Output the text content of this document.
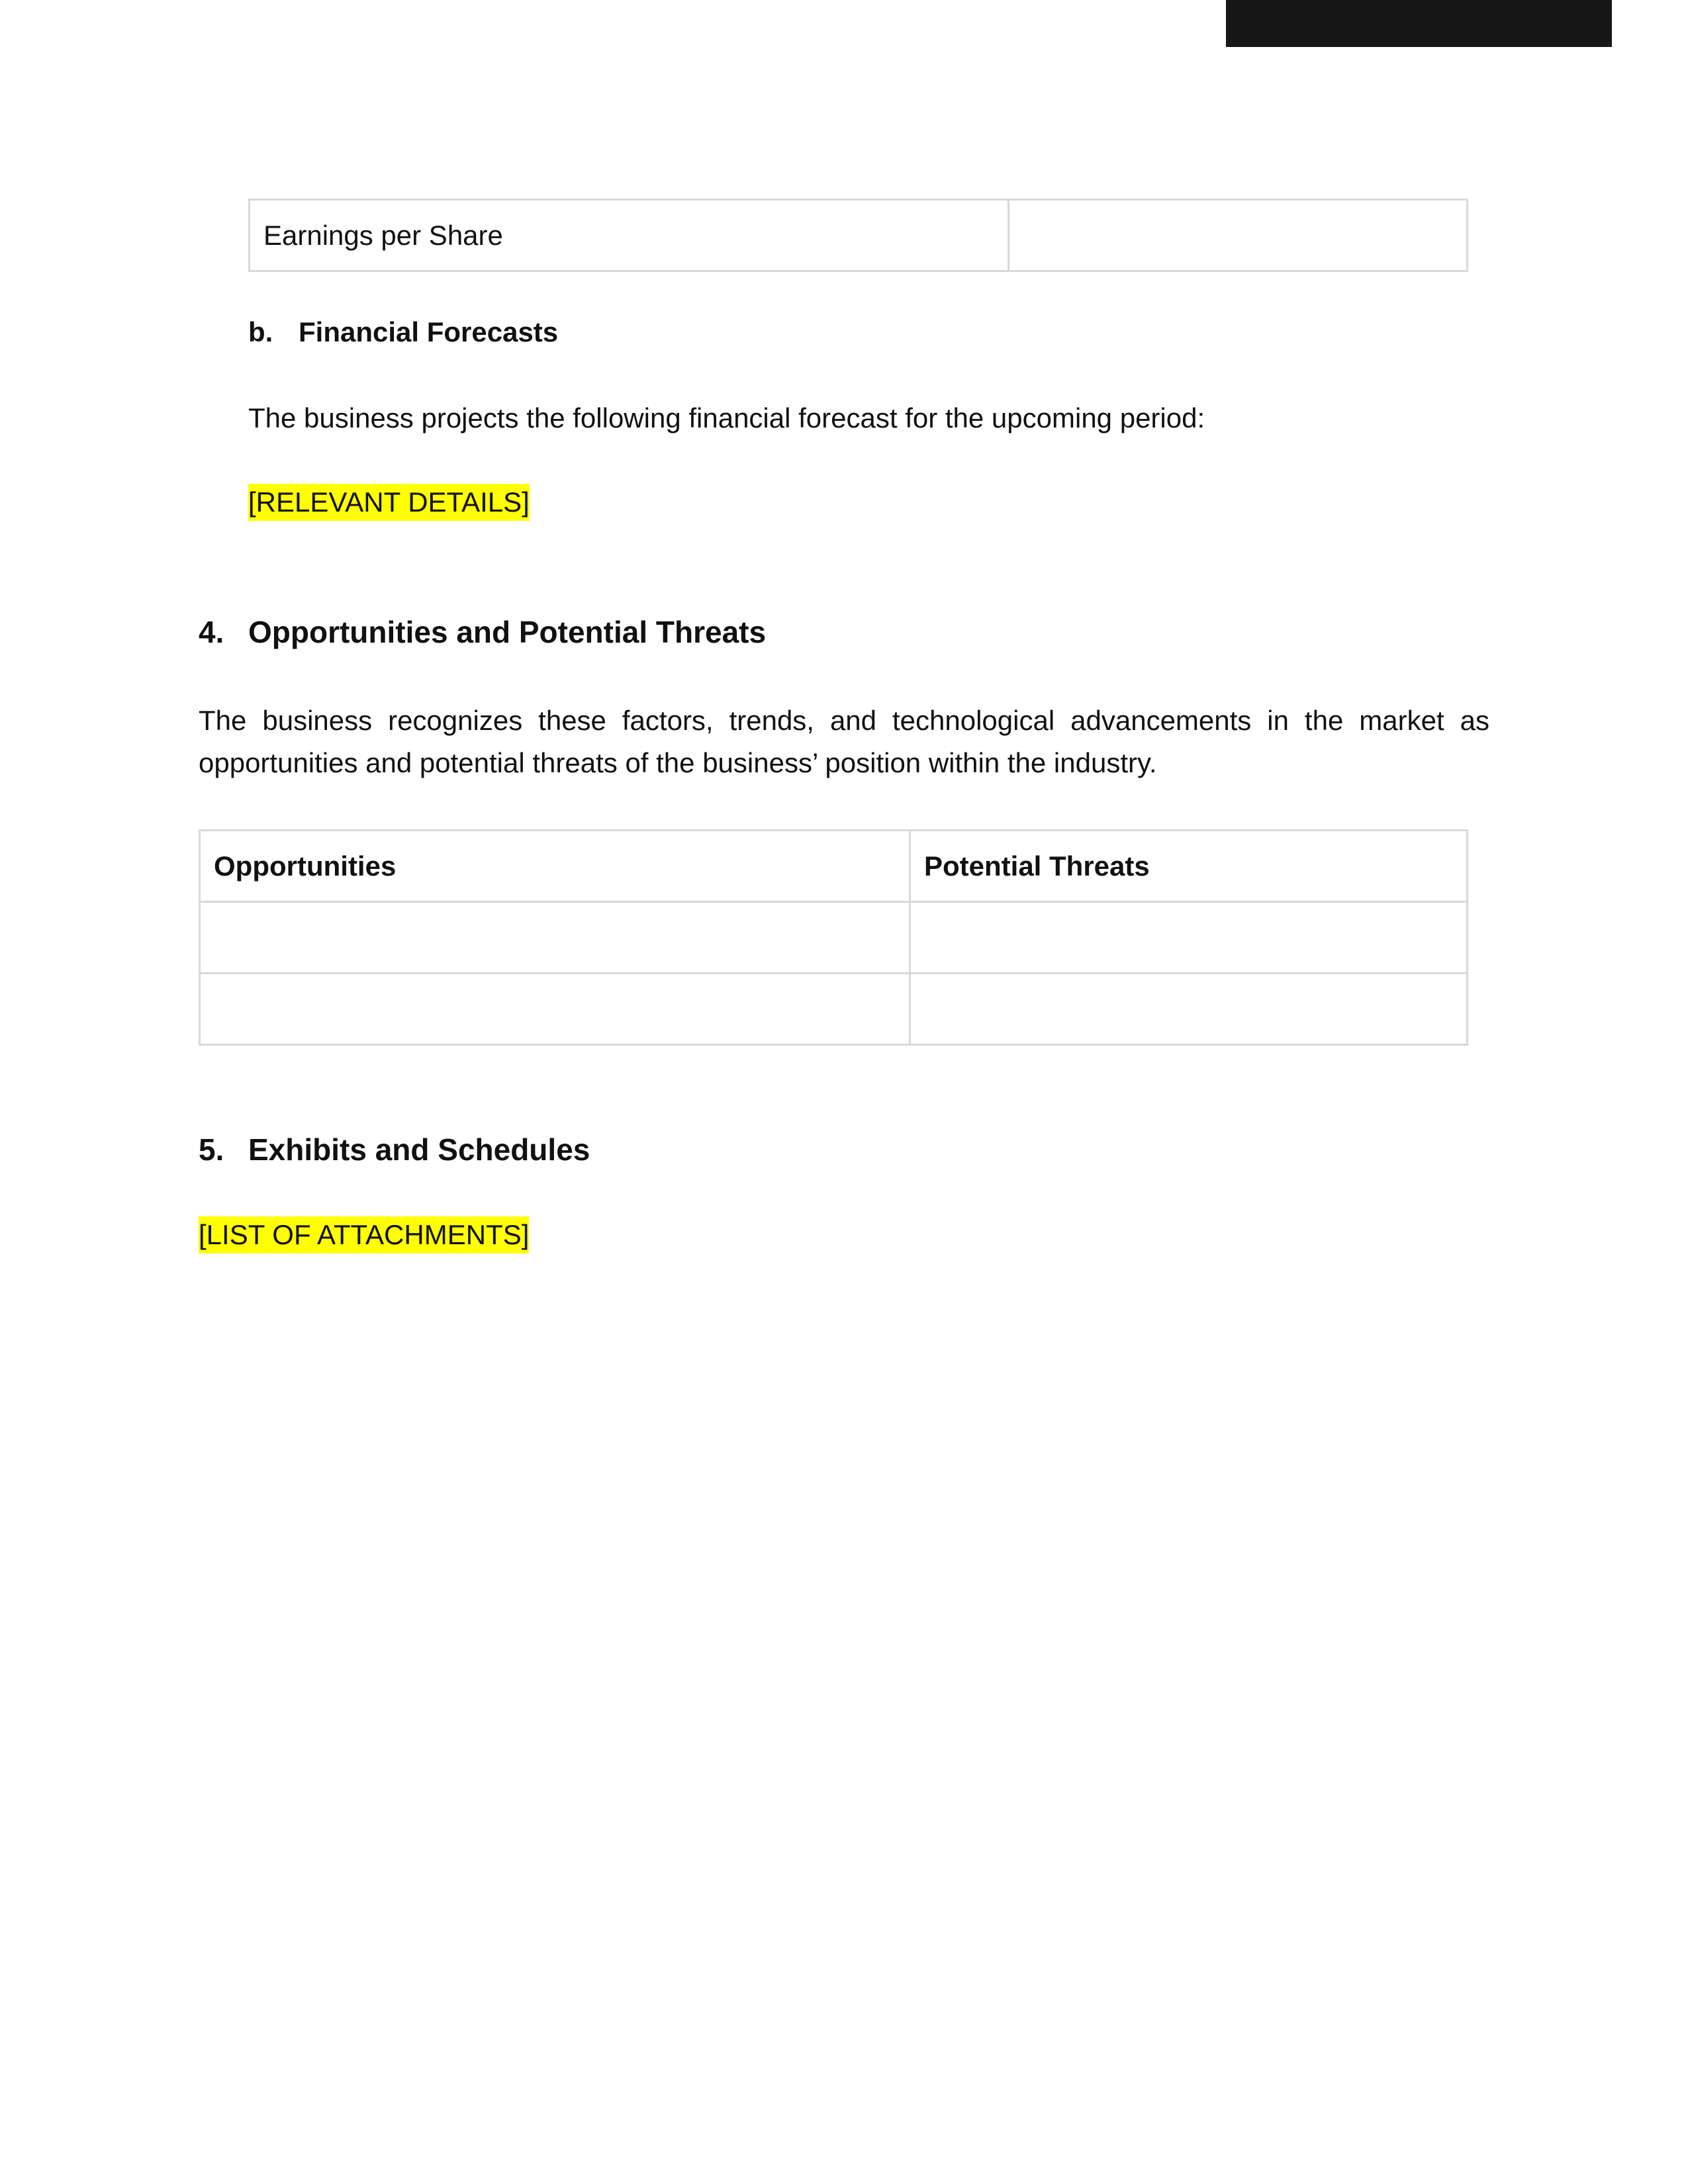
Earnings per Share	
b. Financial Forecasts
The business projects the following financial forecast for the upcoming period:
[RELEVANT DETAILS]
4. Opportunities and Potential Threats
The business recognizes these factors, trends, and technological advancements in the market as opportunities and potential threats of the business’ position within the industry.
Opportunities	Potential Threats

5. Exhibits and Schedules
[LIST OF ATTACHMENTS]
